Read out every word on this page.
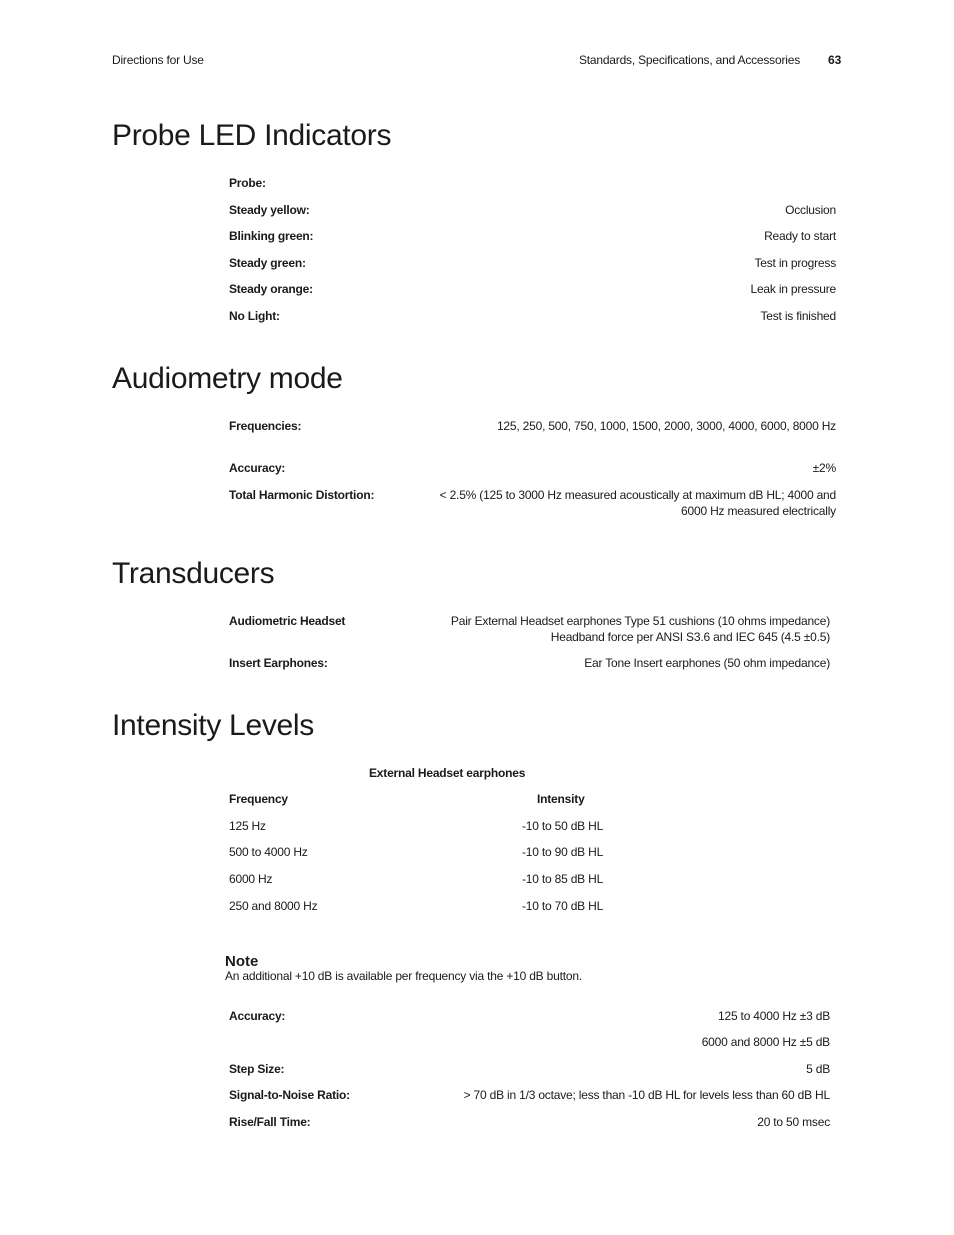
Directions for Use	Standards, Specifications, and Accessories 63
Probe LED Indicators
Probe:
Steady yellow:	Occlusion
Blinking green:	Ready to start
Steady green:	Test in progress
Steady orange:	Leak in pressure
No Light:	Test is finished
Audiometry mode
Frequencies:	125, 250, 500, 750, 1000, 1500, 2000, 3000, 4000, 6000, 8000 Hz
Accuracy:	±2%
Total Harmonic Distortion:	< 2.5% (125 to 3000 Hz measured acoustically at maximum dB HL; 4000 and
6000 Hz measured electrically
Transducers
Audiometric Headset	Pair External Headset earphones Type 51 cushions (10 ohms impedance)
Headband force per ANSI S3.6 and IEC 645 (4.5 ±0.5)
Insert Earphones:	Ear Tone Insert earphones (50 ohm impedance)
Intensity Levels
External Headset earphones
Frequency	Intensity
125 Hz	-10 to 50 dB HL
500 to 4000 Hz	-10 to 90 dB HL
6000 Hz	-10 to 85 dB HL
250 and 8000 Hz	-10 to 70 dB HL
Note
An additional +10 dB is available per frequency via the +10 dB button.
Accuracy:	125 to 4000 Hz ±3 dB
6000 and 8000 Hz ±5 dB
Step Size:	5 dB
Signal-to-Noise Ratio:	> 70 dB in 1/3 octave; less than -10 dB HL for levels less than 60 dB HL
Rise/Fall Time:	20 to 50 msec
